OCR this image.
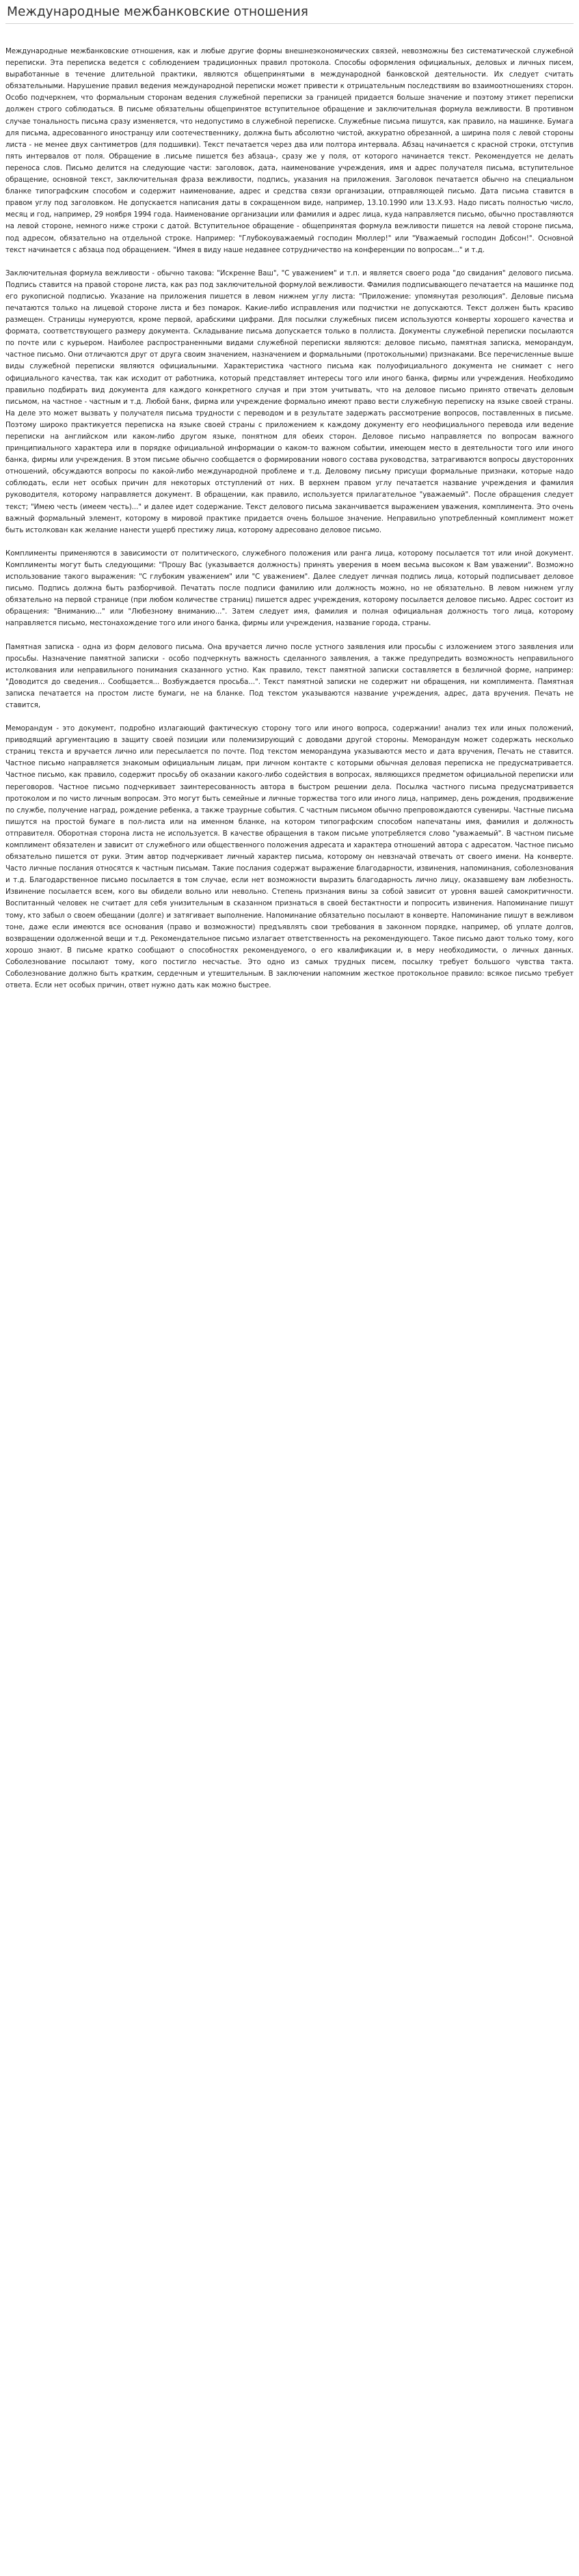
Международные межбанковские отношения

Международные межбанковские отношения, как и любые другие формы внешнеэкономических связей, невозможны без систематической служебной переписки. Эта переписка ведется с соблюдением традиционных правил протокола. Способы оформления официальных, деловых и личных писем, выработанные в течение длительной практики, являются общепринятыми в международной банковской деятельности. Их следует считать обязательными. Нарушение правил ведения международной переписки может привести к отрицательным последствиям во взаимоотношениях сторон. Особо подчеркнем, что формальным сторонам ведения служебной переписки за границей придается больше значение и поэтому этикет переписки должен строго соблюдаться. В письме обязательны общепринятое вступительное обращение и заключительная формула вежливости. В противном случае тональность письма сразу изменяется, что недопустимо в служебной переписке. Служебные письма пишутся, как правило, на машинке. Бумага для письма, адресованного иностранцу или соотечественнику, должна быть абсолютно чистой, аккуратно обрезанной, а ширина поля с левой стороны листа - не менее двух сантиметров (для подшивки). Текст печатается через два или полтора интервала. Абзац начинается с красной строки, отступив пять интервалов от поля. Обращение в .письме пишется без абзаца-, сразу же у поля, от которого начинается текст. Рекомендуется не делать переноса слов. Письмо делится на следующие части: заголовок, дата, наименование учреждения, имя и адрес получателя письма, вступительное обращение, основной текст, заключительная фраза вежливости, подпись, указания на приложения. Заголовок печатается обычно на специальном бланке типографским способом и содержит наименование, адрес и средства связи организации, отправляющей письмо. Дата письма ставится в правом углу под заголовком. Не допускается написания даты в сокращенном виде, например, 13.10.1990 или 13.Х.93. Надо писать полностью число, месяц и год, например, 29 ноября 1994 года. Наименование организации или фамилия и адрес лица, куда направляется письмо, обычно проставляются на левой стороне, немного ниже строки с датой. Вступительное обращение - общепринятая формула вежливости пишется на левой стороне письма, под адресом, обязательно на отдельной строке. Например: "Глубокоуважаемый господин Мюллер!" или "Уважаемый господин Добсон!". Основной текст начинается с абзаца под обращением. "Имея в виду наше недавнее сотрудничество на конференции по вопросам..." и т.д.

Заключительная формула вежливости - обычно такова: "Искренне Ваш", "С уважением" и т.п. и является своего рода "до свидания" делового письма. Подпись ставится на правой стороне листа, как раз под заключительной формулой вежливости. Фамилия подписывающего печатается на машинке под его рукописной подписью. Указание на приложения пишется в левом нижнем углу листа: "Приложение: упомянутая резолюция". Деловые письма печатаются только на лицевой стороне листа и без помарок. Какие-либо исправления или подчистки не допускаются. Текст должен быть красиво размещен. Страницы нумеруются, кроме первой, арабскими цифрами. Для посылки служебных писем используются конверты хорошего качества и формата, соответствующего размеру документа. Складывание письма допускается только в поллиста. Документы служебной переписки посылаются по почте или с курьером. Наиболее распространенными видами служебной переписки являются: деловое письмо, памятная записка, меморандум, частное письмо. Они отличаются друг от друга своим значением, назначением и формальными (протокольными) признаками. Все перечисленные выше виды служебной переписки являются официальными. Характеристика частного письма как полуофициального документа не снимает с него официального качества, так как исходит от работника, который представляет интересы того или иного банка, фирмы или учреждения. Необходимо правильно подбирать вид документа для каждого конкретного случая и при этом учитывать, что на деловое письмо принято отвечать деловым письмом, на частное - частным и т.д. Любой банк, фирма или учреждение формально имеют право вести служебную переписку на языке своей страны. На деле это может вызвать у получателя письма трудности с переводом и в результате задержать рассмотрение вопросов, поставленных в письме. Поэтому широко практикуется переписка на языке своей страны с приложением к каждому документу его неофициального перевода или ведение переписки на английском или каком-либо другом языке, понятном для обеих сторон. Деловое письмо направляется по вопросам важного принципиального характера или в порядке официальной информации о каком-то важном событии, имеющем место в деятельности того или иного банка, фирмы или учреждения. В этом письме обычно сообщается о формировании нового состава руководства, затрагиваются вопросы двусторонних отношений, обсуждаются вопросы по какой-либо международной проблеме и т.д. Деловому письму присущи формальные признаки, которые надо соблюдать, если нет особых причин для некоторых отступлений от них. В верхнем правом углу печатается название учреждения и фамилия руководителя, которому направляется документ. В обращении, как правило, используется прилагательное "уважаемый". После обращения следует текст; "Имею честь (имеем честь)..." и далее идет содержание. Текст делового письма заканчивается выражением уважения, комплимента. Это очень важный формальный элемент, которому в мировой практике придается очень большое значение. Неправильно употребленный комплимент может быть истолкован как желание нанести ущерб престижу лица, которому адресовано деловое письмо.

Комплименты применяются в зависимости от политического, служебного положения или ранга лица, которому посылается тот или иной документ. Комплименты могут быть следующими: "Прошу Вас (указывается должность) принять уверения в моем весьма высоком к Вам уважении". Возможно использование такого выражения: "С глубоким уважением" или "С уважением". Далее следует личная подпись лица, который подписывает деловое письмо. Подпись должна быть разборчивой. Печатать после подписи фамилию или должность можно, но не обязательно. В левом нижнем углу обязательно на первой странице (при любом количестве страниц) пишется адрес учреждения, которому посылается деловое письмо. Адрес состоит из обращения: "Вниманию..." или "Любезному вниманию...". Затем следует имя, фамилия и полная официальная должность того лица, которому направляется письмо, местонахождение того или иного банка, фирмы или учреждения, название города, страны.

Памятная записка - одна из форм делового письма. Она вручается лично после устного заявления или просьбы с изложением этого заявления или просьбы. Назначение памятной записки - особо подчеркнуть важность сделанного заявления, а также предупредить возможность неправильного истолкования или неправильного понимания сказанного устно. Как правило, текст памятной записки составляется в безличной форме, например: "Доводится до сведения... Сообщается... Возбуждается просьба...". Текст памятной записки не содержит ни обращения, ни комплимента. Памятная записка печатается на простом листе бумаги, не на бланке. Под текстом указываются название учреждения, адрес, дата вручения. Печать не ставится,

Меморандум - это документ, подробно излагающий фактическую сторону того или иного вопроса, содержании! анализ тех или иных положений, приводящий аргументацию в защиту своей позиции или полемизирующий с доводами другой стороны. Меморандум может содержать несколько страниц текста и вручается лично или пересылается по почте. Под текстом меморандума указываются место и дата вручения, Печать не ставится. Частное письмо направляется знакомым официальным лицам, при личном контакте с которыми обычная деловая переписка не предусматривается. Частное письмо, как правило, содержит просьбу об оказании какого-либо содействия в вопросах, являющихся предметом официальной переписки или переговоров. Частное письмо подчеркивает заинтересованность автора в быстром решении дела. Посылка частного письма предусматривается протоколом и по чисто личным вопросам. Это могут быть семейные и личные торжества того или иного лица, например, день рождения, продвижение по службе, получение наград, рождение ребенка, а также траурные события. С частным письмом обычно препровождаются сувениры. Частные письма пишутся на простой бумаге в пол-листа или на именном бланке, на котором типографским способом напечатаны имя, фамилия и должность отправителя. Оборотная сторона листа не используется. В качестве обращения в таком письме употребляется слово "уважаемый". В частном письме комплимент обязателен и зависит от служебного или общественного положения адресата и характера отношений автора с адресатом. Частное письмо обязательно пишется от руки. Этим автор подчеркивает личный характер письма, которому он невзначай отвечать от своего имени. На конверте. Часто личные послания относятся к частным письмам. Такие послания содержат выражение благодарности, извинения, напоминания, соболезнования и т.д. Благодарственное письмо посылается в том случае, если нет возможности выразить благодарность лично лицу, оказавшему вам любезность. Извинение посылается всем, кого вы обидели вольно или невольно. Степень признания вины за собой зависит от уровня вашей самокритичности. Воспитанный человек не считает для себя унизительным в сказанном признаться в своей бестактности и попросить извинения. Напоминание пишут тому, кто забыл о своем обещании (долге) и затягивает выполнение. Напоминание обязательно посылают в конверте. Напоминание пишут в вежливом тоне, даже если имеются все основания (право и возможности) предъявлять свои требования в законном порядке, например, об уплате долгов, возвращении одолженной вещи и т.д. Рекомендательное письмо излагает ответственность на рекомендующего. Такое письмо дают только тому, кого хорошо знают. В письме кратко сообщают о способностях рекомендуемого, о его квалификации и, в меру необходимости, о личных данных. Соболезнование посылают тому, кого постигло несчастье. Это одно из самых трудных писем, посылку требует большого чувства такта. Соболезнование должно быть кратким, сердечным и утешительным. В заключении напомним жесткое протокольное правило: всякое письмо требует ответа. Если нет особых причин, ответ нужно дать как можно быстрее.
